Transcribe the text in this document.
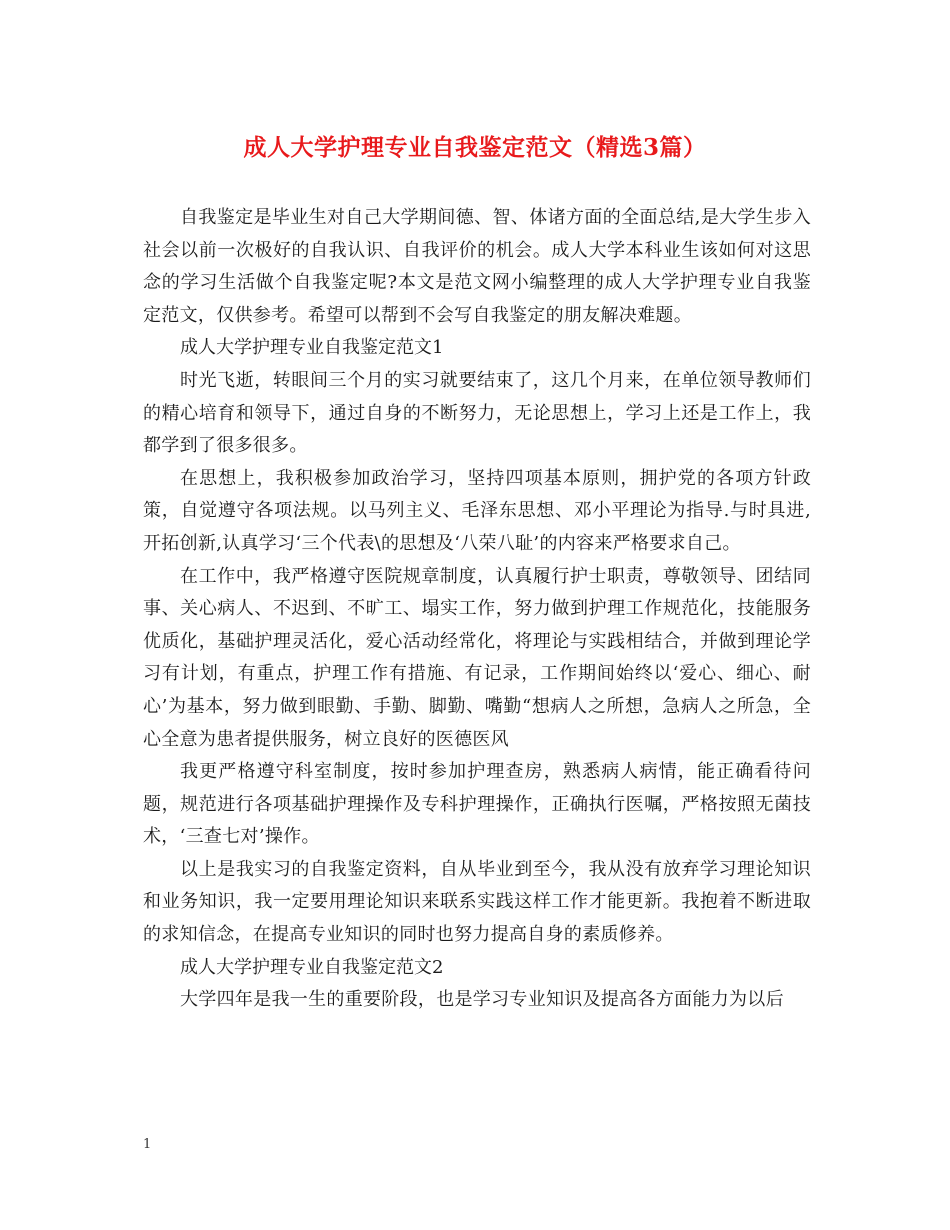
成人大学护理专业自我鉴定范文（精选3篇）

自我鉴定是毕业生对自己大学期间德、智、体诸方面的全面总结,是大学生步入社会以前一次极好的自我认识、自我评价的机会。成人大学本科业生该如何对这思念的学习生活做个自我鉴定呢?本文是范文网小编整理的成人大学护理专业自我鉴定范文，仅供参考。希望可以帮到不会写自我鉴定的朋友解决难题。

成人大学护理专业自我鉴定范文1

时光飞逝，转眼间三个月的实习就要结束了，这几个月来，在单位领导教师们的精心培育和领导下，通过自身的不断努力，无论思想上，学习上还是工作上，我都学到了很多很多。

在思想上，我积极参加政治学习，坚持四项基本原则，拥护党的各项方针政策，自觉遵守各项法规。以马列主义、毛泽东思想、邓小平理论为指导.与时具进,开拓创新,认真学习‘三个代表\的思想及‘八荣八耻’的内容来严格要求自己。

在工作中，我严格遵守医院规章制度，认真履行护士职责，尊敬领导、团结同事、关心病人、不迟到、不旷工、塌实工作，努力做到护理工作规范化，技能服务优质化，基础护理灵活化，爱心活动经常化，将理论与实践相结合，并做到理论学习有计划，有重点，护理工作有措施、有记录，工作期间始终以‘爱心、细心、耐心’为基本，努力做到眼勤、手勤、脚勤、嘴勤“想病人之所想，急病人之所急，全心全意为患者提供服务，树立良好的医德医风

我更严格遵守科室制度，按时参加护理查房，熟悉病人病情，能正确看待问题，规范进行各项基础护理操作及专科护理操作，正确执行医嘱，严格按照无菌技术，‘三查七对’操作。

以上是我实习的自我鉴定资料，自从毕业到至今，我从没有放弃学习理论知识和业务知识，我一定要用理论知识来联系实践这样工作才能更新。我抱着不断进取的求知信念，在提高专业知识的同时也努力提高自身的素质修养。

成人大学护理专业自我鉴定范文2

大学四年是我一生的重要阶段，也是学习专业知识及提高各方面能力为以后

1
